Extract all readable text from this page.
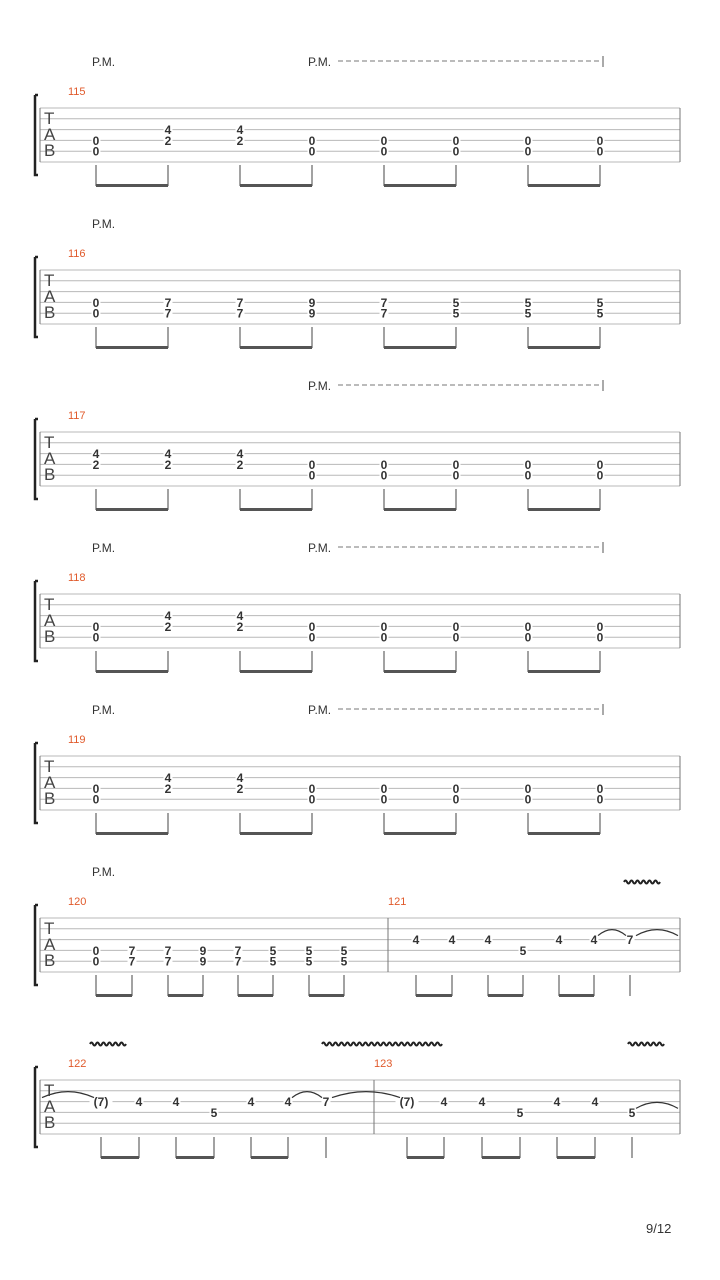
T
A
B
115
P.M.	P.M.
0
0
4
2
4
2	0
0
0
0
0
0
0
0
0
0
T
A
B
116
P.M.
0
0
7
7
7
7
9
9
7
7
5
5
5
5
5
5
T
A
B
117
P.M.
4
2
4
2
4
2	0
0
0
0
0
0
0
0
0
0
T
A
B
118
P.M.	P.M.
0
0
4
2
4
2	0
0
0
0
0
0
0
0
0
0
T
A
B
119
P.M.	P.M.
0
0
4
2
4
2	0
0
0
0
0
0
0
0
0
0
T
A
B
120	121
P.M.
0
0
7
7
7
7
9
9
7
7
5
5
5
5
5
5
4 4 4
5
4 4 7
T
A
B
122	123
(7) 4	4
5
4	4	7	(7) 4	4
5
4	4
5
9/12
